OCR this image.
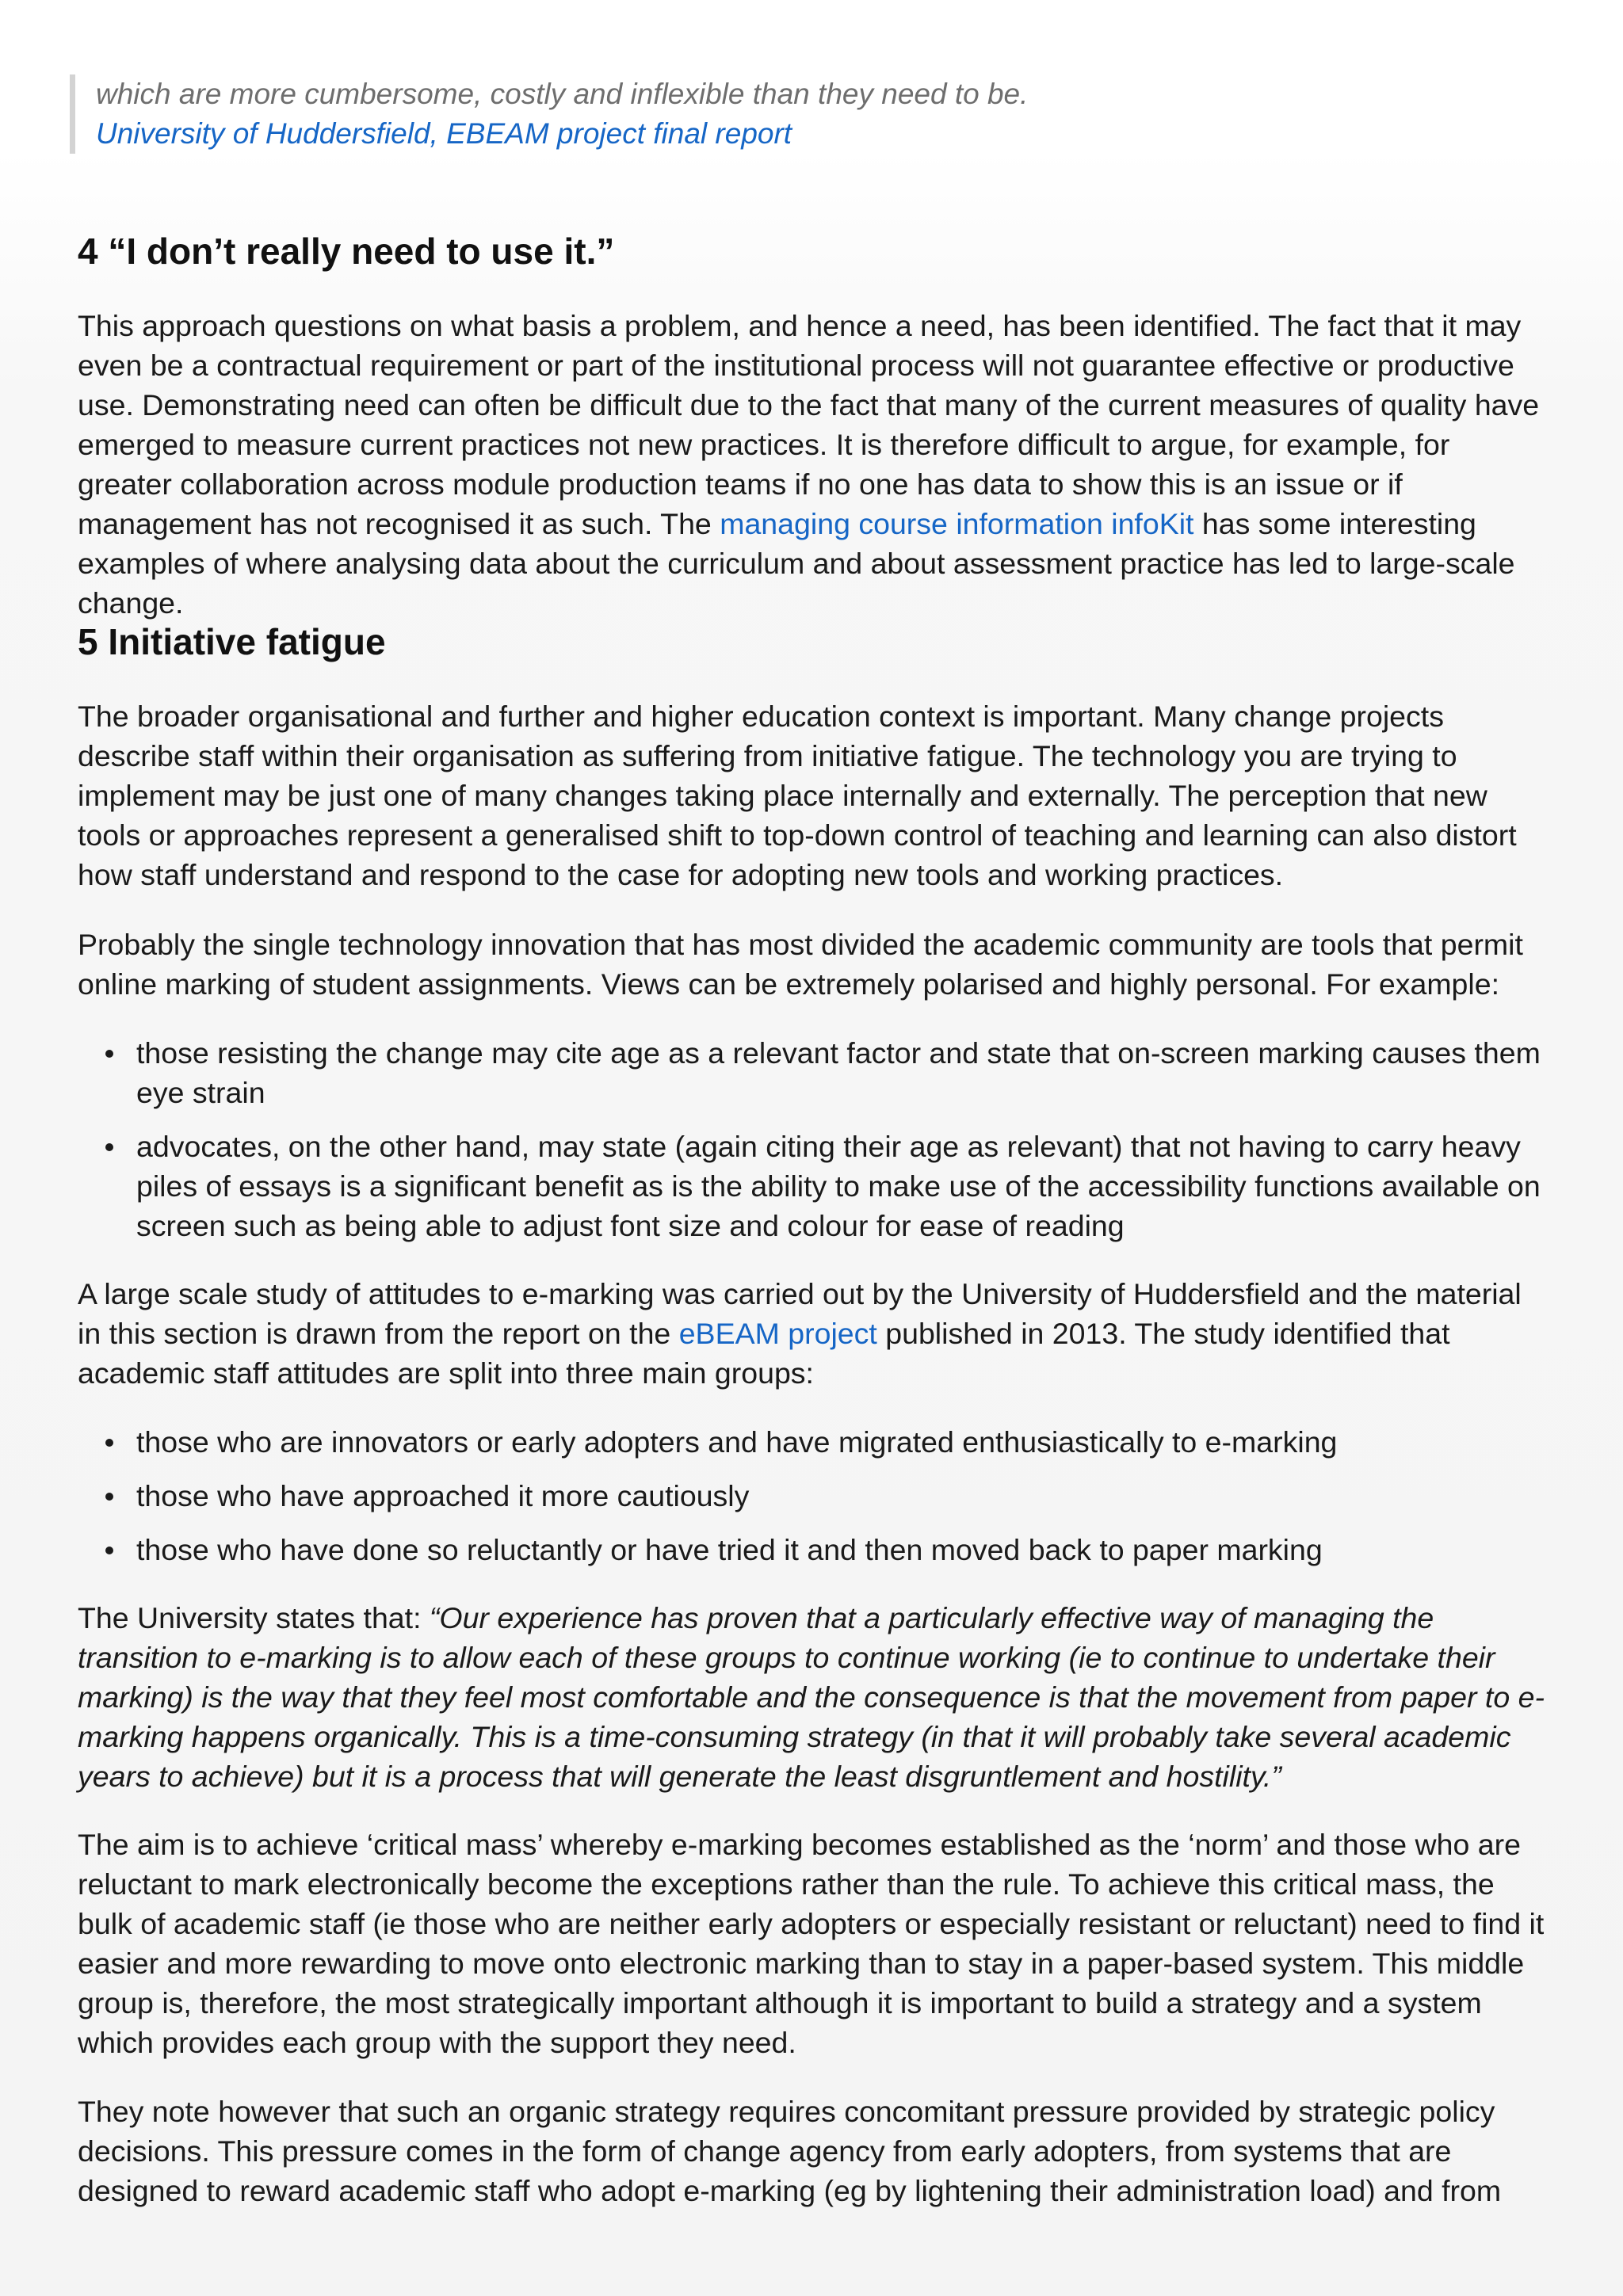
which are more cumbersome, costly and inflexible than they need to be.
University of Huddersfield, EBEAM project final report
4 “I don’t really need to use it.”

This approach questions on what basis a problem, and hence a need, has been identified. The fact that it may even be a contractual requirement or part of the institutional process will not guarantee effective or productive use. Demonstrating need can often be difficult due to the fact that many of the current measures of quality have emerged to measure current practices not new practices. It is therefore difficult to argue, for example, for greater collaboration across module production teams if no one has data to show this is an issue or if management has not recognised it as such. The managing course information infoKit has some interesting examples of where analysing data about the curriculum and about assessment practice has led to large-scale change.

5 Initiative fatigue

The broader organisational and further and higher education context is important. Many change projects describe staff within their organisation as suffering from initiative fatigue. The technology you are trying to implement may be just one of many changes taking place internally and externally. The perception that new tools or approaches represent a generalised shift to top-down control of teaching and learning can also distort how staff understand and respond to the case for adopting new tools and working practices.

Probably the single technology innovation that has most divided the academic community are tools that permit online marking of student assignments. Views can be extremely polarised and highly personal. For example:

those resisting the change may cite age as a relevant factor and state that on-screen marking causes them eye strain
advocates, on the other hand, may state (again citing their age as relevant) that not having to carry heavy piles of essays is a significant benefit as is the ability to make use of the accessibility functions available on screen such as being able to adjust font size and colour for ease of reading

A large scale study of attitudes to e-marking was carried out by the University of Huddersfield and the material in this section is drawn from the report on the eBEAM project published in 2013. The study identified that academic staff attitudes are split into three main groups:

those who are innovators or early adopters and have migrated enthusiastically to e-marking
those who have approached it more cautiously
those who have done so reluctantly or have tried it and then moved back to paper marking

The University states that: “Our experience has proven that a particularly effective way of managing the transition to e-marking is to allow each of these groups to continue working (ie to continue to undertake their marking) is the way that they feel most comfortable and the consequence is that the movement from paper to e-marking happens organically. This is a time-consuming strategy (in that it will probably take several academic years to achieve) but it is a process that will generate the least disgruntlement and hostility.”

The aim is to achieve ‘critical mass’ whereby e-marking becomes established as the ‘norm’ and those who are reluctant to mark electronically become the exceptions rather than the rule. To achieve this critical mass, the bulk of academic staff (ie those who are neither early adopters or especially resistant or reluctant) need to find it easier and more rewarding to move onto electronic marking than to stay in a paper-based system. This middle group is, therefore, the most strategically important although it is important to build a strategy and a system which provides each group with the support they need.

They note however that such an organic strategy requires concomitant pressure provided by strategic policy decisions. This pressure comes in the form of change agency from early adopters, from systems that are designed to reward academic staff who adopt e-marking (eg by lightening their administration load) and from
